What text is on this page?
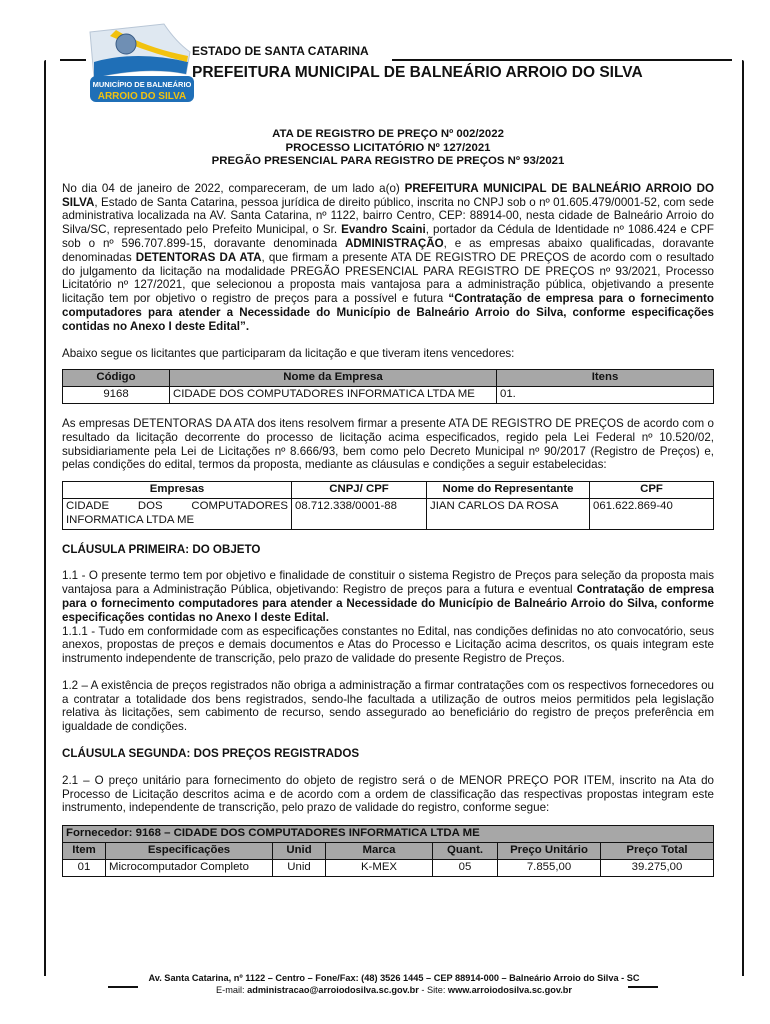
MUNICÍPIO DE BALNEÁRIO
ARROIO DO SILVA
ESTADO DE SANTA CATARINA
PREFEITURA MUNICIPAL DE BALNEÁRIO ARROIO DO SILVA
ATA DE REGISTRO DE PREÇO Nº 002/2022
PROCESSO LICITATÓRIO Nº 127/2021
PREGÃO PRESENCIAL PARA REGISTRO DE PREÇOS Nº 93/2021

No dia 04 de janeiro de 2022, compareceram, de um lado a(o) PREFEITURA MUNICIPAL DE BALNEÁRIO ARROIO DO SILVA, Estado de Santa Catarina, pessoa jurídica de direito público, inscrita no CNPJ sob o nº 01.605.479/0001-52, com sede administrativa localizada na AV. Santa Catarina, nº 1122, bairro Centro, CEP: 88914-00, nesta cidade de Balneário Arroio do Silva/SC, representado pelo Prefeito Municipal, o Sr. Evandro Scaini, portador da Cédula de Identidade nº 1086.424 e CPF sob o nº 596.707.899-15, doravante denominada ADMINISTRAÇÃO, e as empresas abaixo qualificadas, doravante denominadas DETENTORAS DA ATA, que firmam a presente ATA DE REGISTRO DE PREÇOS de acordo com o resultado do julgamento da licitação na modalidade PREGÃO PRESENCIAL PARA REGISTRO DE PREÇOS nº 93/2021, Processo Licitatório nº 127/2021, que selecionou a proposta mais vantajosa para a administração pública, objetivando a presente licitação tem por objetivo o registro de preços para a possível e futura “Contratação de empresa para o fornecimento computadores para atender a Necessidade do Município de Balneário Arroio do Silva, conforme especificações contidas no Anexo I deste Edital”.

Abaixo segue os licitantes que participaram da licitação e que tiveram itens vencedores:

Código	Nome da Empresa	Itens
9168	CIDADE DOS COMPUTADORES INFORMATICA LTDA ME	01.

As empresas DETENTORAS DA ATA dos itens resolvem firmar a presente ATA DE REGISTRO DE PREÇOS de acordo com o resultado da licitação decorrente do processo de licitação acima especificados, regido pela Lei Federal nº 10.520/02, subsidiariamente pela Lei de Licitações nº 8.666/93, bem como pelo Decreto Municipal nº 90/2017 (Registro de Preços) e, pelas condições do edital, termos da proposta, mediante as cláusulas e condições a seguir estabelecidas:

Empresas	CNPJ/ CPF	Nome do Representante	CPF
CIDADE DOS COMPUTADORES INFORMATICA LTDA ME	08.712.338/0001-88	JIAN CARLOS DA ROSA	061.622.869-40

CLÁUSULA PRIMEIRA: DO OBJETO

1.1 - O presente termo tem por objetivo e finalidade de constituir o sistema Registro de Preços para seleção da proposta mais vantajosa para a Administração Pública, objetivando: Registro de preços para a futura e eventual Contratação de empresa para o fornecimento computadores para atender a Necessidade do Município de Balneário Arroio do Silva, conforme especificações contidas no Anexo I deste Edital.

1.1.1 - Tudo em conformidade com as especificações constantes no Edital, nas condições definidas no ato convocatório, seus anexos, propostas de preços e demais documentos e Atas do Processo e Licitação acima descritos, os quais integram este instrumento independente de transcrição, pelo prazo de validade do presente Registro de Preços.

1.2 – A existência de preços registrados não obriga a administração a firmar contratações com os respectivos fornecedores ou a contratar a totalidade dos bens registrados, sendo-lhe facultada a utilização de outros meios permitidos pela legislação relativa às licitações, sem cabimento de recurso, sendo assegurado ao beneficiário do registro de preços preferência em igualdade de condições.

CLÁUSULA SEGUNDA: DOS PREÇOS REGISTRADOS

2.1 – O preço unitário para fornecimento do objeto de registro será o de MENOR PREÇO POR ITEM, inscrito na Ata do Processo de Licitação descritos acima e de acordo com a ordem de classificação das respectivas propostas integram este instrumento, independente de transcrição, pelo prazo de validade do registro, conforme segue:

Fornecedor: 9168 – CIDADE DOS COMPUTADORES INFORMATICA LTDA ME						
Item	Especificações	Unid	Marca	Quant.	Preço Unitário	Preço Total
01	Microcomputador Completo	Unid	K-MEX	05	7.855,00	39.275,00
Av. Santa Catarina, nº 1122 – Centro – Fone/Fax: (48) 3526 1445 – CEP 88914-000 – Balneário Arroio do Silva - SC
E-mail: administracao@arroiodosilva.sc.gov.br - Site: www.arroiodosilva.sc.gov.br
